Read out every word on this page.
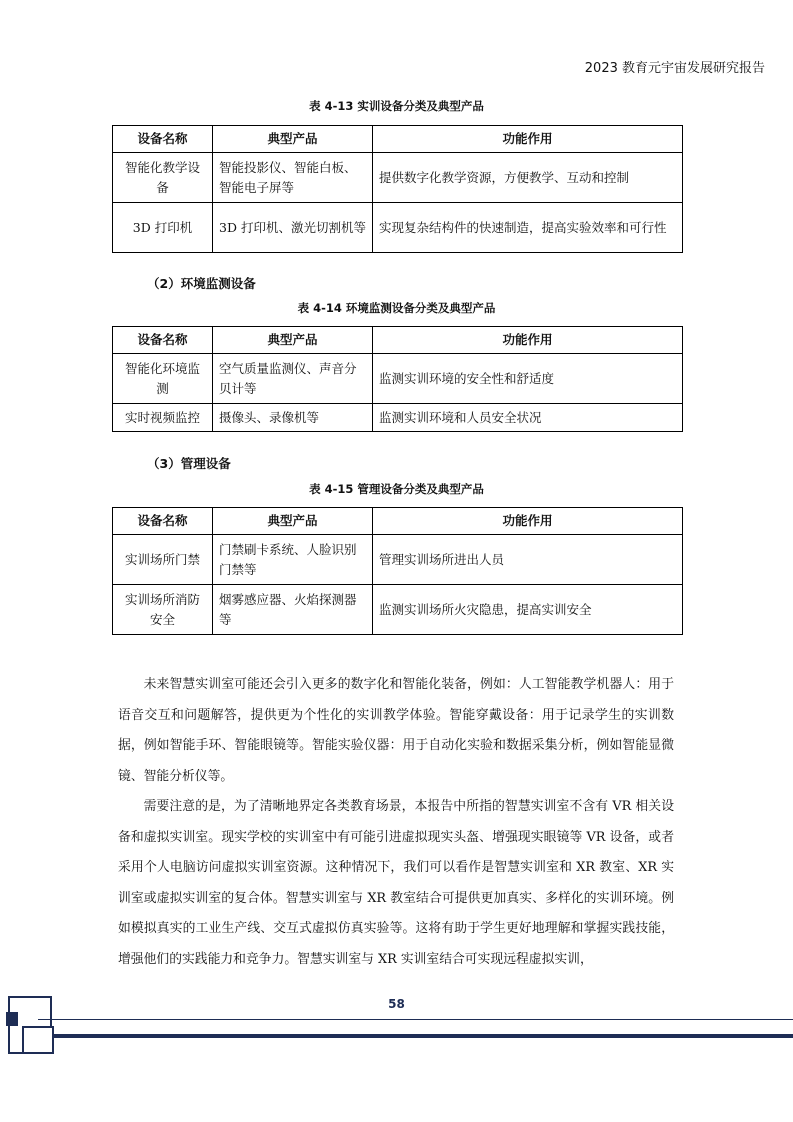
2023 教育元宇宙发展研究报告
表 4-13 实训设备分类及典型产品
设备名称	典型产品	功能作用
智能化教学设备	智能投影仪、智能白板、智能电子屏等	提供数字化教学资源，方便教学、互动和控制
3D 打印机	3D 打印机、激光切割机等	实现复杂结构件的快速制造，提高实验效率和可行性
（2）环境监测设备
表 4-14 环境监测设备分类及典型产品
设备名称	典型产品	功能作用
智能化环境监测	空气质量监测仪、声音分贝计等	监测实训环境的安全性和舒适度
实时视频监控	摄像头、录像机等	监测实训环境和人员安全状况
（3）管理设备
表 4-15 管理设备分类及典型产品
设备名称	典型产品	功能作用
实训场所门禁	门禁刷卡系统、人脸识别门禁等	管理实训场所进出人员
实训场所消防安全	烟雾感应器、火焰探测器等	监测实训场所火灾隐患，提高实训安全

未来智慧实训室可能还会引入更多的数字化和智能化装备，例如：人工智能教学机器人：用于语音交互和问题解答，提供更为个性化的实训教学体验。智能穿戴设备：用于记录学生的实训数据，例如智能手环、智能眼镜等。智能实验仪器：用于自动化实验和数据采集分析，例如智能显微镜、智能分析仪等。

需要注意的是，为了清晰地界定各类教育场景，本报告中所指的智慧实训室不含有 VR 相关设备和虚拟实训室。现实学校的实训室中有可能引进虚拟现实头盔、增强现实眼镜等 VR 设备，或者采用个人电脑访问虚拟实训室资源。这种情况下，我们可以看作是智慧实训室和 XR 教室、XR 实训室或虚拟实训室的复合体。智慧实训室与 XR 教室结合可提供更加真实、多样化的实训环境。例如模拟真实的工业生产线、交互式虚拟仿真实验等。这将有助于学生更好地理解和掌握实践技能，增强他们的实践能力和竞争力。智慧实训室与 XR 实训室结合可实现远程虚拟实训，

58
